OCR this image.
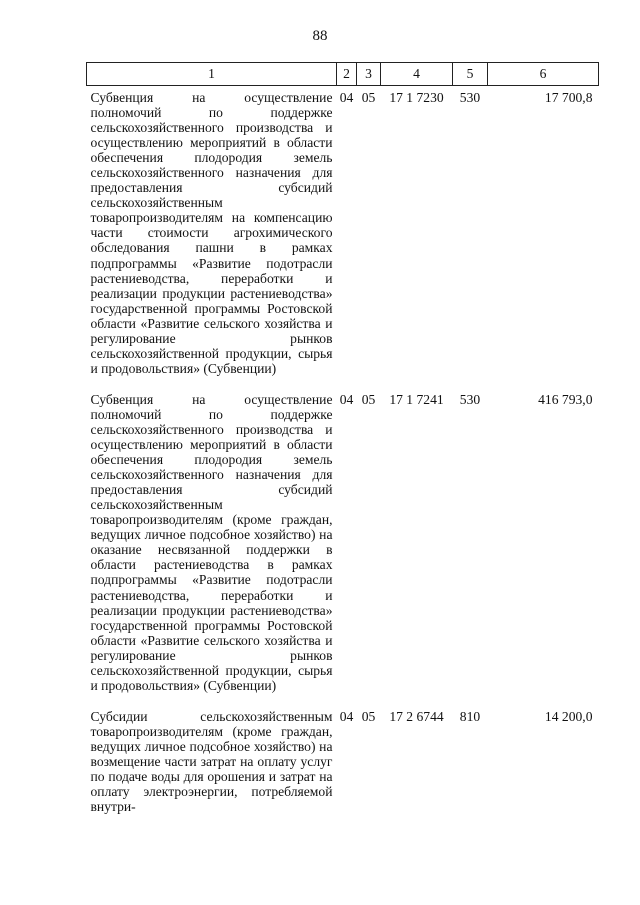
88
1	2	3	4	5	6
Субвенция на осуществление полномочий по поддержке сельскохозяйственного производства и осуществлению мероприятий в области обеспечения плодородия земель сельскохозяйственного назначения для предоставления субсидий сельскохозяйственным товаропроизводителям на компенсацию части стоимости агрохимического обследования пашни в рамках подпрограммы «Развитие подотрасли растениеводства, переработки и реализации продукции растениеводства» государственной программы Ростовской области «Развитие сельского хозяйства и регулирование рынков сельскохозяйственной продукции, сырья и продовольствия» (Субвенции)	04	05	17 1 7230	530	17 700,8
Субвенция на осуществление полномочий по поддержке сельскохозяйственного производства и осуществлению мероприятий в области обеспечения плодородия земель сельскохозяйственного назначения для предоставления субсидий сельскохозяйственным товаропроизводителям (кроме граждан, ведущих личное подсобное хозяйство) на оказание несвязанной поддержки в области растениеводства в рамках подпрограммы «Развитие подотрасли растениеводства, переработки и реализации продукции растениеводства» государственной программы Ростовской области «Развитие сельского хозяйства и регулирование рынков сельскохозяйственной продукции, сырья и продовольствия» (Субвенции)	04	05	17 1 7241	530	416 793,0
Субсидии сельскохозяйственным товаропроизводителям (кроме граждан, ведущих личное подсобное хозяйство) на возмещение части затрат на оплату услуг по подаче воды для орошения и затрат на оплату электроэнергии, потребляемой внутри-	04	05	17 2 6744	810	14 200,0
